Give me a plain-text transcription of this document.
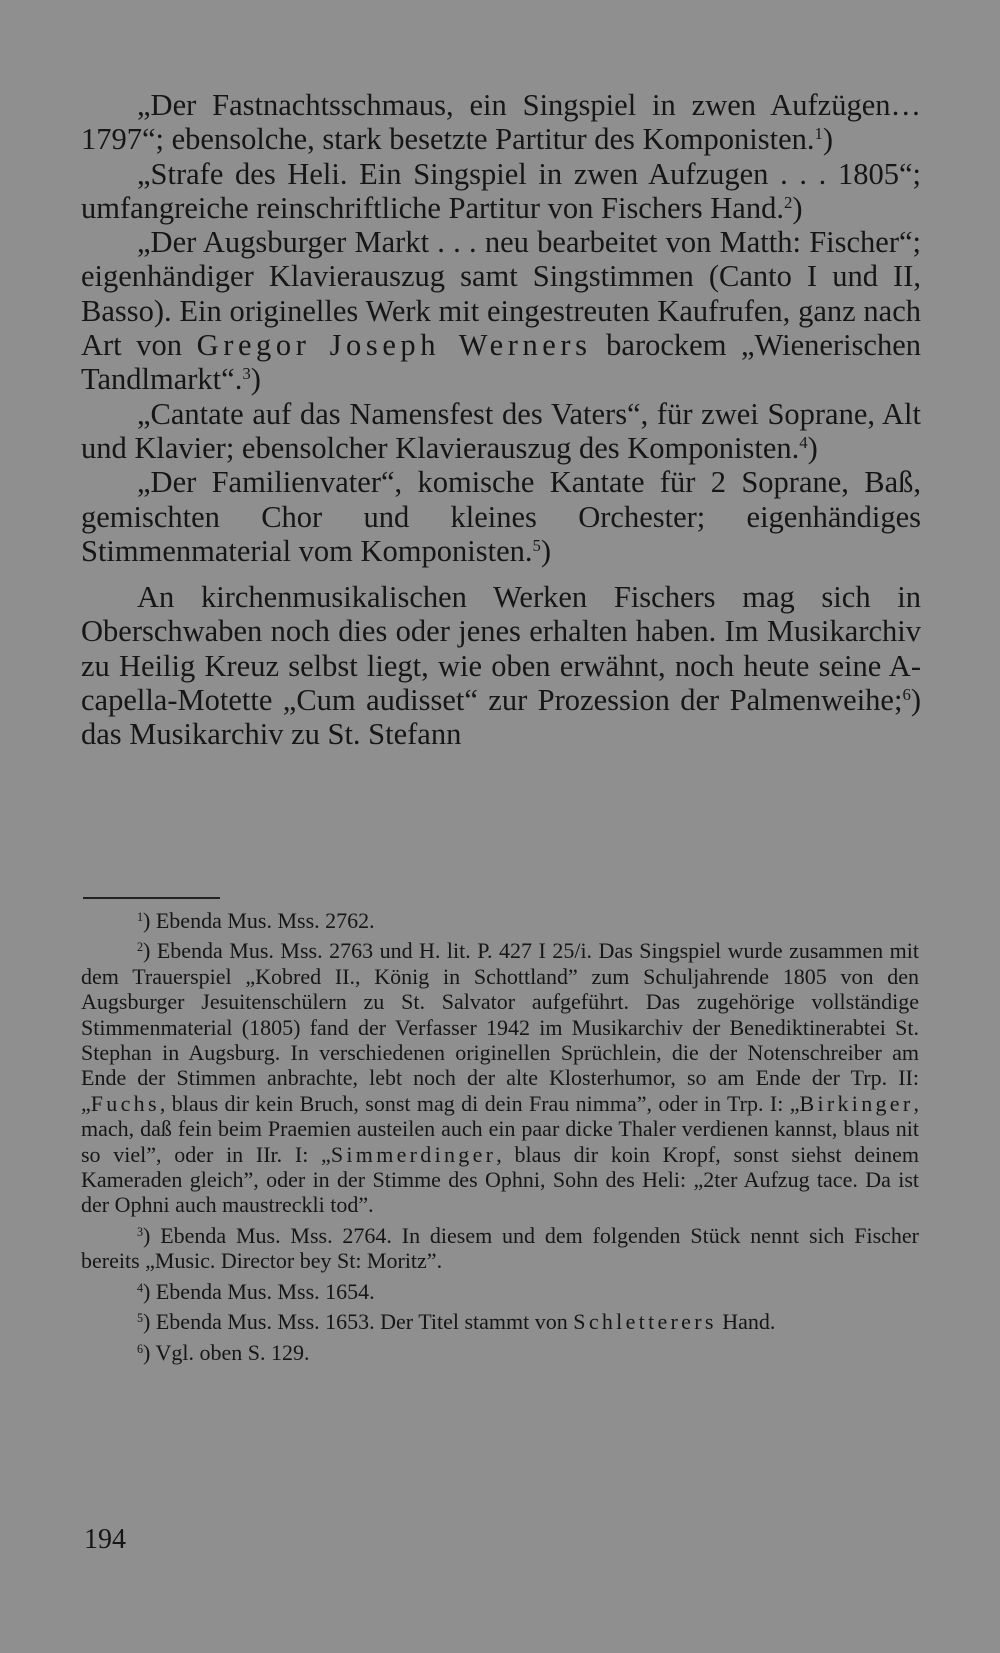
„Der Fastnachtsschmaus, ein Singspiel in zwen Aufzügen… 1797“; ebensolche, stark besetzte Partitur des Komponisten.$^1$)

„Strafe des Heli. Ein Singspiel in zwen Aufzugen . . . 1805“; umfangreiche reinschriftliche Partitur von Fischers Hand.$^2$)

„Der Augsburger Markt . . . neu bearbeitet von Matth: Fischer“; eigenhändiger Klavierauszug samt Singstimmen (Canto I und II, Basso). Ein originelles Werk mit eingestreuten Kaufrufen, ganz nach Art von Gregor Joseph Werners barockem „Wienerischen Tandlmarkt“.$^3$)

„Cantate auf das Namensfest des Vaters“, für zwei Soprane, Alt und Klavier; ebensolcher Klavierauszug des Komponisten.$^4$)

„Der Familienvater“, komische Kantate für 2 Soprane, Baß, gemischten Chor und kleines Orchester; eigenhändiges Stimmenmaterial vom Komponisten.$^5$)

An kirchenmusikalischen Werken Fischers mag sich in Oberschwaben noch dies oder jenes erhalten haben. Im Musikarchiv zu Heilig Kreuz selbst liegt, wie oben erwähnt, noch heute seine A-capella-Motette „Cum audisset“ zur Prozession der Palmenweihe;$^6$) das Musikarchiv zu St. Stefann

$^1$) Ebenda Mus. Mss. 2762.

$^2$) Ebenda Mus. Mss. 2763 und H. lit. P. 427 I 25/i. Das Singspiel wurde zusammen mit dem Trauerspiel „Kobred II., König in Schottland” zum Schuljahrende 1805 von den Augsburger Jesuitenschülern zu St. Salvator aufgeführt. Das zugehörige vollständige Stimmenmaterial (1805) fand der Verfasser 1942 im Musikarchiv der Benediktinerabtei St. Stephan in Augsburg. In verschiedenen originellen Sprüchlein, die der Notenschreiber am Ende der Stimmen anbrachte, lebt noch der alte Klosterhumor, so am Ende der Trp. II: „Fuchs, blaus dir kein Bruch, sonst mag di dein Frau nimma”, oder in Trp. I: „Birkinger, mach, daß fein beim Praemien austeilen auch ein paar dicke Thaler verdienen kannst, blaus nit so viel”, oder in IIr. I: „Simmerdinger, blaus dir koin Kropf, sonst siehst deinem Kameraden gleich”, oder in der Stimme des Ophni, Sohn des Heli: „2ter Aufzug tace. Da ist der Ophni auch maustreckli tod”.

$^3$) Ebenda Mus. Mss. 2764. In diesem und dem folgenden Stück nennt sich Fischer bereits „Music. Director bey St: Moritz”.

$^4$) Ebenda Mus. Mss. 1654.

$^5$) Ebenda Mus. Mss. 1653. Der Titel stammt von Schletterers Hand.

$^6$) Vgl. oben S. 129.

194
